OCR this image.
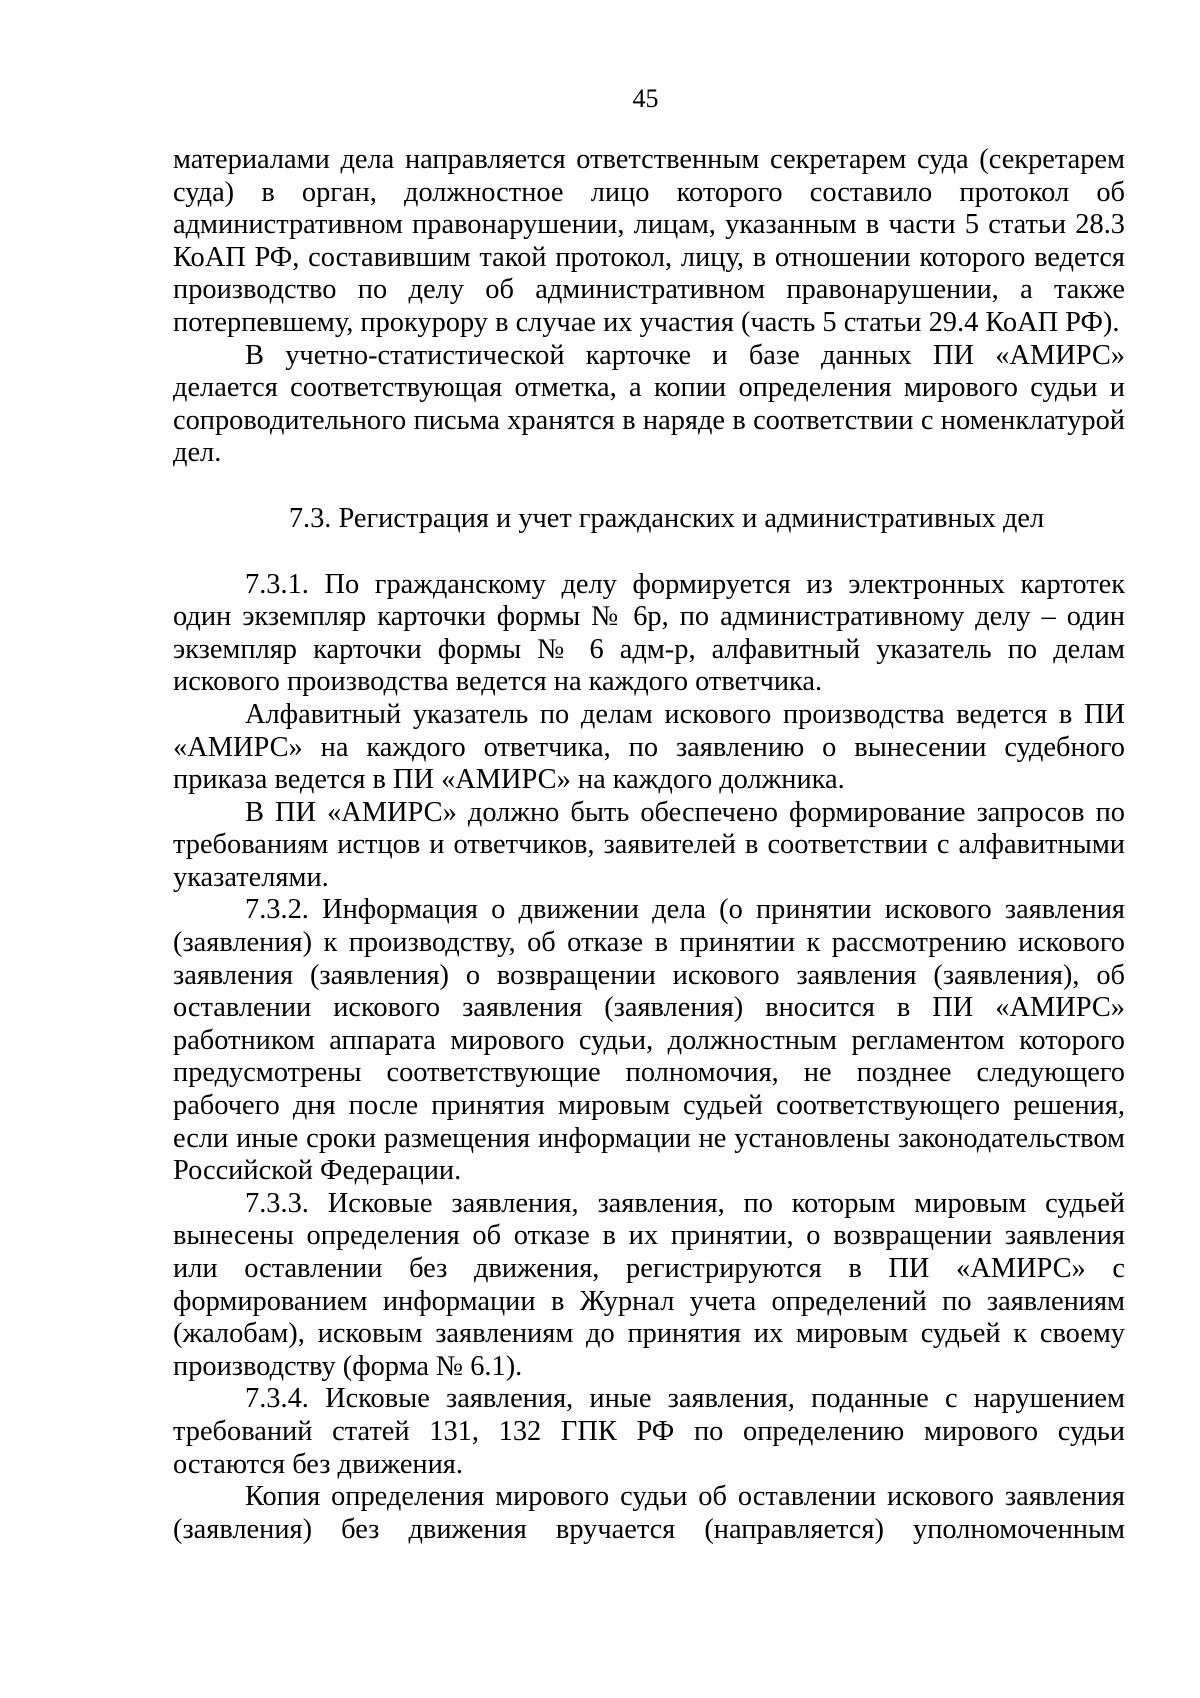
45

материалами дела направляется ответственным секретарем суда (секретарем суда) в орган, должностное лицо которого составило протокол об административном правонарушении, лицам, указанным в части 5 статьи 28.3 КоАП РФ, составившим такой протокол, лицу, в отношении которого ведется производство по делу об административном правонарушении, а также потерпевшему, прокурору в случае их участия (часть 5 статьи 29.4 КоАП РФ).

В учетно-статистической карточке и базе данных ПИ «АМИРС» делается соответствующая отметка, а копии определения мирового судьи и сопроводительного письма хранятся в наряде в соответствии с номенклатурой дел.

7.3. Регистрация и учет гражданских и административных дел

7.3.1. По гражданскому делу формируется из электронных картотек один экземпляр карточки формы № 6р, по административному делу – один экземпляр карточки формы № 6 адм-р, алфавитный указатель по делам искового производства ведется на каждого ответчика.

Алфавитный указатель по делам искового производства ведется в ПИ «АМИРС» на каждого ответчика, по заявлению о вынесении судебного приказа ведется в ПИ «АМИРС» на каждого должника.

В ПИ «АМИРС» должно быть обеспечено формирование запросов по требованиям истцов и ответчиков, заявителей в соответствии с алфавитными указателями.

7.3.2. Информация о движении дела (о принятии искового заявления (заявления) к производству, об отказе в принятии к рассмотрению искового заявления (заявления) о возвращении искового заявления (заявления), об оставлении искового заявления (заявления) вносится в ПИ «АМИРС» работником аппарата мирового судьи, должностным регламентом которого предусмотрены соответствующие полномочия, не позднее следующего рабочего дня после принятия мировым судьей соответствующего решения, если иные сроки размещения информации не установлены законодательством Российской Федерации.

7.3.3. Исковые заявления, заявления, по которым мировым судьей вынесены определения об отказе в их принятии, о возвращении заявления или оставлении без движения, регистрируются в ПИ «АМИРС» с формированием информации в Журнал учета определений по заявлениям (жалобам), исковым заявлениям до принятия их мировым судьей к своему производству (форма № 6.1).

7.3.4. Исковые заявления, иные заявления, поданные с нарушением требований статей 131, 132 ГПК РФ по определению мирового судьи остаются без движения.

Копия определения мирового судьи об оставлении искового заявления (заявления) без движения вручается (направляется) уполномоченным
